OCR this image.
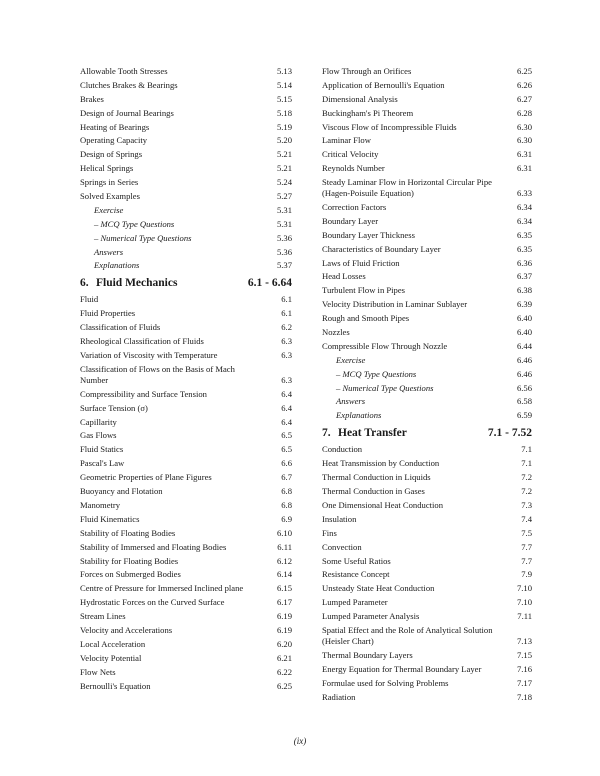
Allowable Tooth Stresses	5.13
Clutches Brakes & Bearings	5.14
Brakes	5.15
Design of Journal Bearings	5.18
Heating of Bearings	5.19
Operating Capacity	5.20
Design of Springs	5.21
Helical Springs	5.21
Springs in Series	5.24
Solved Examples	5.27
Exercise	5.31
– MCQ Type Questions	5.31
– Numerical Type Questions	5.36
Answers	5.36
Explanations	5.37
6. Fluid Mechanics	6.1 - 6.64
Fluid	6.1
Fluid Properties	6.1
Classification of Fluids	6.2
Rheological Classification of Fluids	6.3
Variation of Viscosity with Temperature	6.3
Classification of Flows on the Basis of Mach Number	6.3
Compressibility and Surface Tension	6.4
Surface Tension (σ)	6.4
Capillarity	6.4
Gas Flows	6.5
Fluid Statics	6.5
Pascal's Law	6.6
Geometric Properties of Plane Figures	6.7
Buoyancy and Flotation	6.8
Manometry	6.8
Fluid Kinematics	6.9
Stability of Floating Bodies	6.10
Stability of Immersed and Floating Bodies	6.11
Stability for Floating Bodies	6.12
Forces on Submerged Bodies	6.14
Centre of Pressure for Immersed Inclined plane	6.15
Hydrostatic Forces on the Curved Surface	6.17
Stream Lines	6.19
Velocity and Accelerations	6.19
Local Acceleration	6.20
Velocity Potential	6.21
Flow Nets	6.22
Bernoulli's Equation	6.25
Flow Through an Orifices	6.25
Application of Bernoulli's Equation	6.26
Dimensional Analysis	6.27
Buckingham's Pi Theorem	6.28
Viscous Flow of Incompressible Fluids	6.30
Laminar Flow	6.30
Critical Velocity	6.31
Reynolds Number	6.31
Steady Laminar Flow in Horizontal Circular Pipe (Hagen-Poisuile Equation)	6.33
Correction Factors	6.34
Boundary Layer	6.34
Boundary Layer Thickness	6.35
Characteristics of Boundary Layer	6.35
Laws of Fluid Friction	6.36
Head Losses	6.37
Turbulent Flow in Pipes	6.38
Velocity Distribution in Laminar Sublayer	6.39
Rough and Smooth Pipes	6.40
Nozzles	6.40
Compressible Flow Through Nozzle	6.44
Exercise	6.46
– MCQ Type Questions	6.46
– Numerical Type Questions	6.56
Answers	6.58
Explanations	6.59
7. Heat Transfer	7.1 - 7.52
Conduction	7.1
Heat Transmission by Conduction	7.1
Thermal Conduction in Liquids	7.2
Thermal Conduction in Gases	7.2
One Dimensional Heat Conduction	7.3
Insulation	7.4
Fins	7.5
Convection	7.7
Some Useful Ratios	7.7
Resistance Concept	7.9
Unsteady State Heat Conduction	7.10
Lumped Parameter	7.10
Lumped Parameter Analysis	7.11
Spatial Effect and the Role of Analytical Solution (Heisler Chart)	7.13
Thermal Boundary Layers	7.15
Energy Equation for Thermal Boundary Layer	7.16
Formulae used for Solving Problems	7.17
Radiation	7.18
(ix)
